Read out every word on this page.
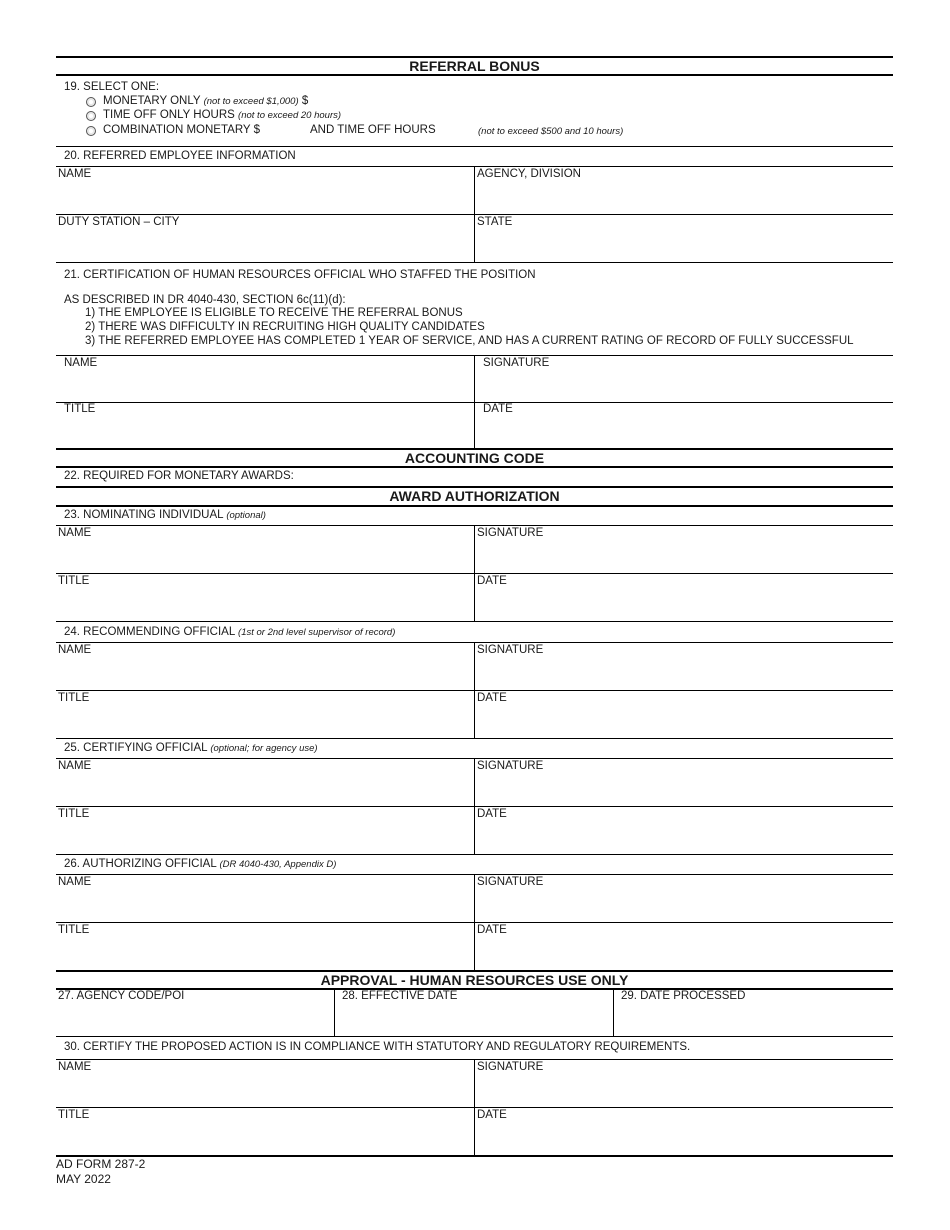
REFERRAL BONUS
19. SELECT ONE:
MONETARY ONLY (not to exceed $1,000) $
TIME OFF ONLY HOURS (not to exceed 20 hours)
COMBINATION MONETARY $	AND TIME OFF HOURS	(not to exceed $500 and 10 hours)
20. REFERRED EMPLOYEE INFORMATION
NAME	AGENCY, DIVISION
DUTY STATION – CITY	STATE
21. CERTIFICATION OF HUMAN RESOURCES OFFICIAL WHO STAFFED THE POSITION
AS DESCRIBED IN DR 4040-430, SECTION 6c(11)(d):
1) THE EMPLOYEE IS ELIGIBLE TO RECEIVE THE REFERRAL BONUS
2) THERE WAS DIFFICULTY IN RECRUITING HIGH QUALITY CANDIDATES
3) THE REFERRED EMPLOYEE HAS COMPLETED 1 YEAR OF SERVICE, AND HAS A CURRENT RATING OF RECORD OF FULLY SUCCESSFUL
NAME	SIGNATURE
TITLE	DATE
ACCOUNTING CODE
22. REQUIRED FOR MONETARY AWARDS:
AWARD AUTHORIZATION
23. NOMINATING INDIVIDUAL (optional)
NAME	SIGNATURE
TITLE	DATE
24. RECOMMENDING OFFICIAL (1st or 2nd level supervisor of record)
NAME	SIGNATURE
TITLE	DATE
25. CERTIFYING OFFICIAL (optional; for agency use)
NAME	SIGNATURE
TITLE	DATE
26. AUTHORIZING OFFICIAL (DR 4040-430, Appendix D)
NAME	SIGNATURE
TITLE	DATE
APPROVAL - HUMAN RESOURCES USE ONLY
27. AGENCY CODE/POI	28. EFFECTIVE DATE	29. DATE PROCESSED
30. CERTIFY THE PROPOSED ACTION IS IN COMPLIANCE WITH STATUTORY AND REGULATORY REQUIREMENTS.
NAME	SIGNATURE
TITLE	DATE
AD FORM 287-2
MAY 2022
